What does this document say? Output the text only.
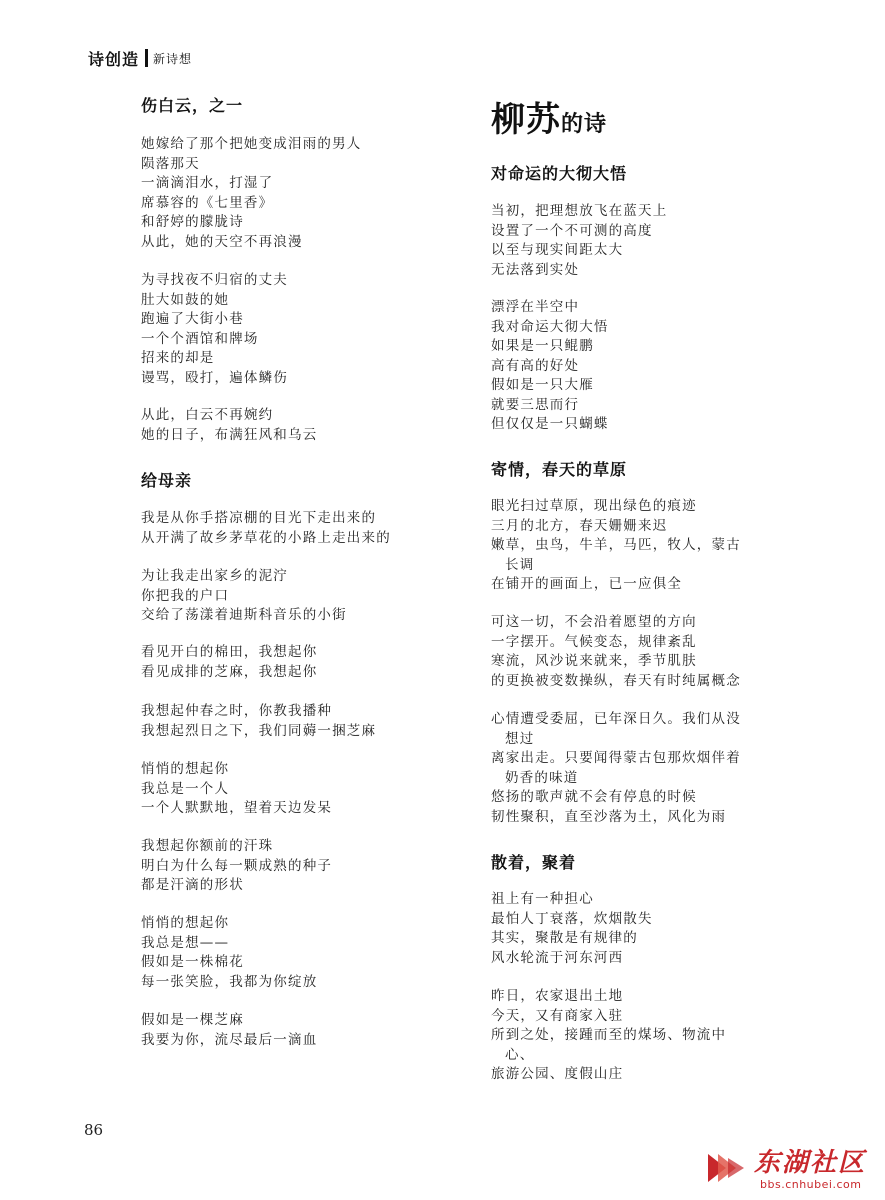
诗创造 新诗想
柳苏的诗
伤白云，之一
她嫁给了那个把她变成泪雨的男人
陨落那天
一滴滴泪水，打湿了
席慕容的《七里香》
和舒婷的朦胧诗
从此，她的天空不再浪漫
为寻找夜不归宿的丈夫
肚大如鼓的她
跑遍了大街小巷
一个个酒馆和牌场
招来的却是
谩骂，殴打，遍体鳞伤
从此，白云不再婉约
她的日子，布满狂风和乌云
给母亲
我是从你手搭凉棚的目光下走出来的
从开满了故乡茅草花的小路上走出来的
为让我走出家乡的泥泞
你把我的户口
交给了荡漾着迪斯科音乐的小街
看见开白的棉田，我想起你
看见成排的芝麻，我想起你
我想起仲春之时，你教我播种
我想起烈日之下，我们同薅一捆芝麻
悄悄的想起你
我总是一个人
一个人默默地，望着天边发呆
我想起你额前的汗珠
明白为什么每一颗成熟的种子
都是汗滴的形状
悄悄的想起你
我总是想——
假如是一株棉花
每一张笑脸，我都为你绽放
假如是一棵芝麻
我要为你，流尽最后一滴血
对命运的大彻大悟
当初，把理想放飞在蓝天上
设置了一个不可测的高度
以至与现实间距太大
无法落到实处
漂浮在半空中
我对命运大彻大悟
如果是一只鲲鹏
高有高的好处
假如是一只大雁
就要三思而行
但仅仅是一只蝴蝶
寄情，春天的草原
眼光扫过草原，现出绿色的痕迹
三月的北方，春天姗姗来迟
嫩草，虫鸟，牛羊，马匹，牧人，蒙古
长调
在铺开的画面上，已一应俱全
可这一切，不会沿着愿望的方向
一字摆开。气候变态，规律紊乱
寒流，风沙说来就来，季节肌肤
的更换被变数操纵，春天有时纯属概念
心情遭受委屈，已年深日久。我们从没
想过
离家出走。只要闻得蒙古包那炊烟伴着
奶香的味道
悠扬的歌声就不会有停息的时候
韧性聚积，直至沙落为土，风化为雨
散着，聚着
祖上有一种担心
最怕人丁衰落，炊烟散失
其实，聚散是有规律的
风水轮流于河东河西
昨日，农家退出土地
今天，又有商家入驻
所到之处，接踵而至的煤场、物流中
心、
旅游公园、度假山庄
86
东湖社区
bbs.cnhubei.com
